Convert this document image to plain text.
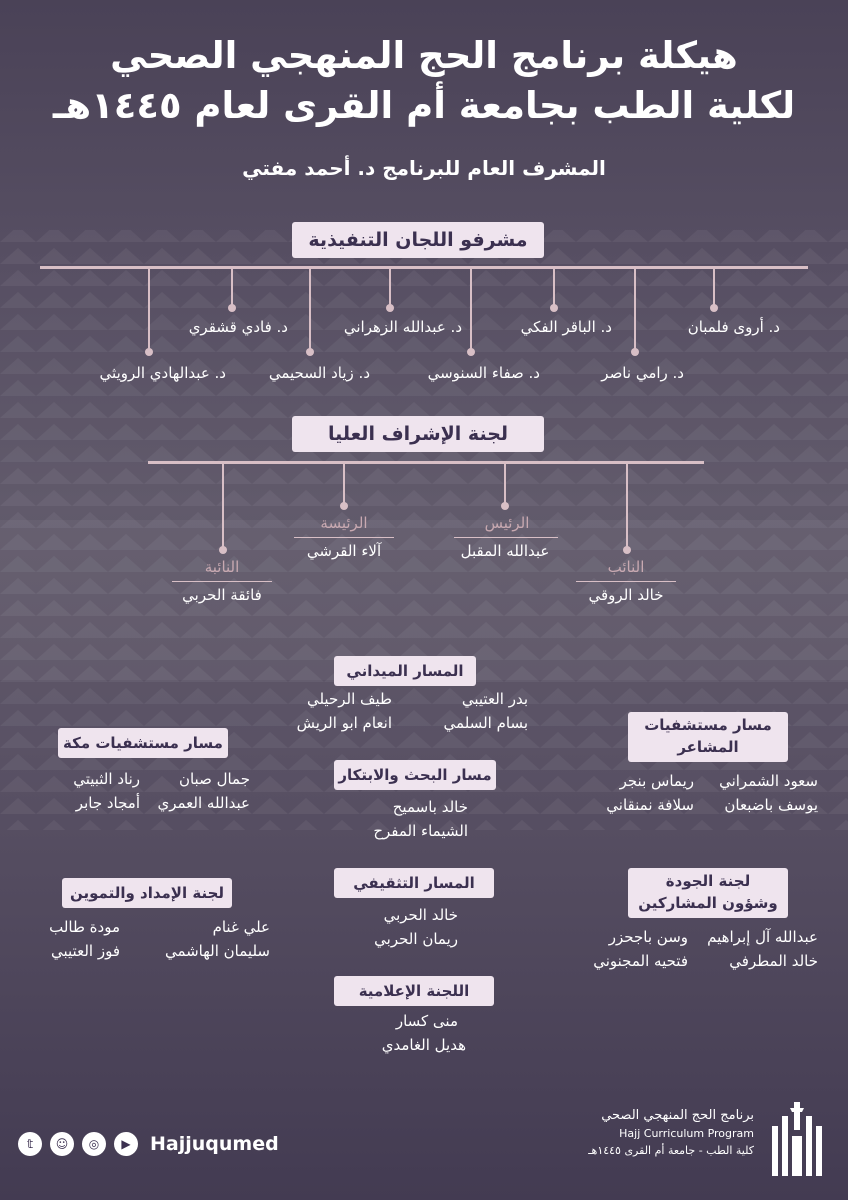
هيكلة برنامج الحج المنهجي الصحي
لكلية الطب بجامعة أم القرى لعام ١٤٤٥هـ
المشرف العام للبرنامج د. أحمد مفتي
مشرفو اللجان التنفيذية
د. أروى فلمبان
د. الباقر الفكي
د. عبدالله الزهراني
د. فادي قشقري
د. رامي ناصر
د. صفاء السنوسي
د. زياد السحيمي
د. عبدالهادي الرويثي
لجنة الإشراف العليا
الرئيس
عبدالله المقبل
الرئيسة
آلاء القرشي
النائب
خالد الروقي
النائبة
فائقة الحربي
المسار الميداني
بدر العتيبي
طيف الرحيلي
بسام السلمي
انعام ابو الريش
مسار البحث والابتكار
خالد باسميح
الشيماء المفرح
المسار التثقيفي
خالد الحربي
ريمان الحربي
اللجنة الإعلامية
منى كسار
هديل الغامدي
مسار مستشفيات مكة
جمال صبان
رناد الثبيتي
عبدالله العمري
أمجاد جابر
لجنة الإمداد والتموين
علي غنام
مودة طالب
سليمان الهاشمي
فوز العتيبي
مسار مستشفيات
المشاعر
سعود الشمراني
ريماس بنجر
يوسف باضبعان
سلافة نمنقاني
لجنة الجودة
وشؤون المشاركين
عبدالله آل إبراهيم
وسن باجحزر
خالد المطرفي
فتحيه المجنوني
𝕥	☺	◎	▶	Hajjuqumed
برنامج الحج المنهجي الصحي
Hajj Curriculum Program
كلية الطب - جامعة أم القرى ١٤٤٥هـ
